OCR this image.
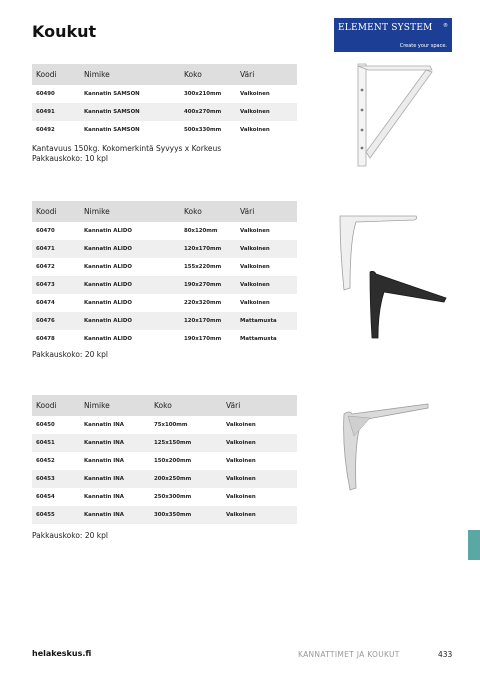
Koukut	ELEMENT SYSTEM ®
Create your space.
Koodi	Nimike	Koko	Väri
60490	Kannatin SAMSON	300x210mm	Valkoinen
60491	Kannatin SAMSON	400x270mm	Valkoinen
60492	Kannatin SAMSON	500x330mm	Valkoinen
Kantavuus 150kg. Kokomerkintä Syvyys x Korkeus
Pakkauskoko: 10 kpl
Koodi	Nimike	Koko	Väri
60470	Kannatin ALIDO	80x120mm	Valkoinen
60471	Kannatin ALIDO	120x170mm	Valkoinen
60472	Kannatin ALIDO	155x220mm	Valkoinen
60473	Kannatin ALIDO	190x270mm	Valkoinen
60474	Kannatin ALIDO	220x320mm	Valkoinen
60476	Kannatin ALIDO	120x170mm	Mattamusta
60478	Kannatin ALIDO	190x170mm	Mattamusta
Pakkauskoko: 20 kpl
Koodi	Nimike	Koko	Väri
60450	Kannatin INA	75x100mm	Valkoinen
60451	Kannatin INA	125x150mm	Valkoinen
60452	Kannatin INA	150x200mm	Valkoinen
60453	Kannatin INA	200x250mm	Valkoinen
60454	Kannatin INA	250x300mm	Valkoinen
60455	Kannatin INA	300x350mm	Valkoinen
Pakkauskoko: 20 kpl
helakeskus.fi	KANNATTIMET JA KOUKUT	433
